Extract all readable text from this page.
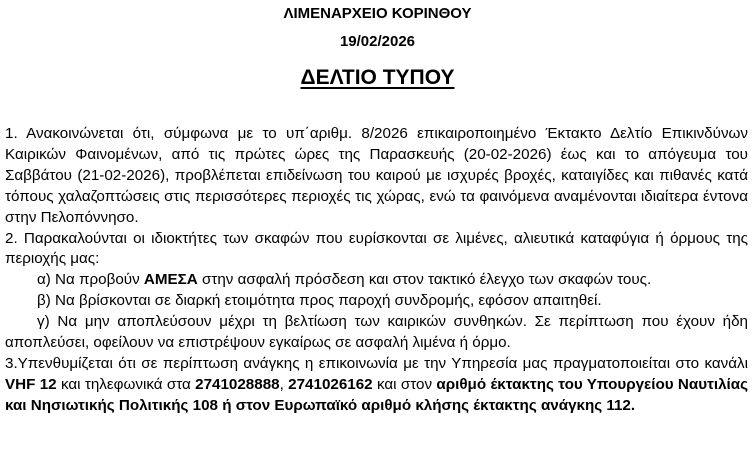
ΛΙΜΕΝΑΡΧΕΙΟ ΚΟΡΙΝΘΟΥ
19/02/2026
ΔΕΛΤΙΟ ΤΥΠΟΥ

1. Ανακοινώνεται ότι, σύμφωνα με το υπ΄αριθμ. 8/2026 επικαιροποιημένο Έκτακτο Δελτίο Επικινδύνων Καιρικών Φαινομένων, από τις πρώτες ώρες της Παρασκευής (20-02-2026) έως και το απόγευμα του Σαββάτου (21-02-2026), προβλέπεται επιδείνωση του καιρού με ισχυρές βροχές, καταιγίδες και πιθανές κατά τόπους χαλαζοπτώσεις στις περισσότερες περιοχές τις χώρας, ενώ τα φαινόμενα αναμένονται ιδιαίτερα έντονα στην Πελοπόννησο.

2. Παρακαλούνται οι ιδιοκτήτες των σκαφών που ευρίσκονται σε λιμένες, αλιευτικά καταφύγια ή όρμους της περιοχής μας:

α) Να προβούν ΑΜΕΣΑ στην ασφαλή πρόσδεση και στον τακτικό έλεγχο των σκαφών τους.

β) Να βρίσκονται σε διαρκή ετοιμότητα προς παροχή συνδρομής, εφόσον απαιτηθεί.

γ) Να μην αποπλεύσουν μέχρι τη βελτίωση των καιρικών συνθηκών. Σε περίπτωση που έχουν ήδη αποπλεύσει, οφείλουν να επιστρέψουν εγκαίρως σε ασφαλή λιμένα ή όρμο.

3.Υπενθυμίζεται ότι σε περίπτωση ανάγκης η επικοινωνία με την Υπηρεσία μας πραγματοποιείται στο κανάλι VHF 12 και τηλεφωνικά στα 2741028888, 2741026162 και στον αριθμό έκτακτης του Υπουργείου Ναυτιλίας και Νησιωτικής Πολιτικής 108 ή στον Ευρωπαϊκό αριθμό κλήσης έκτακτης ανάγκης 112.
